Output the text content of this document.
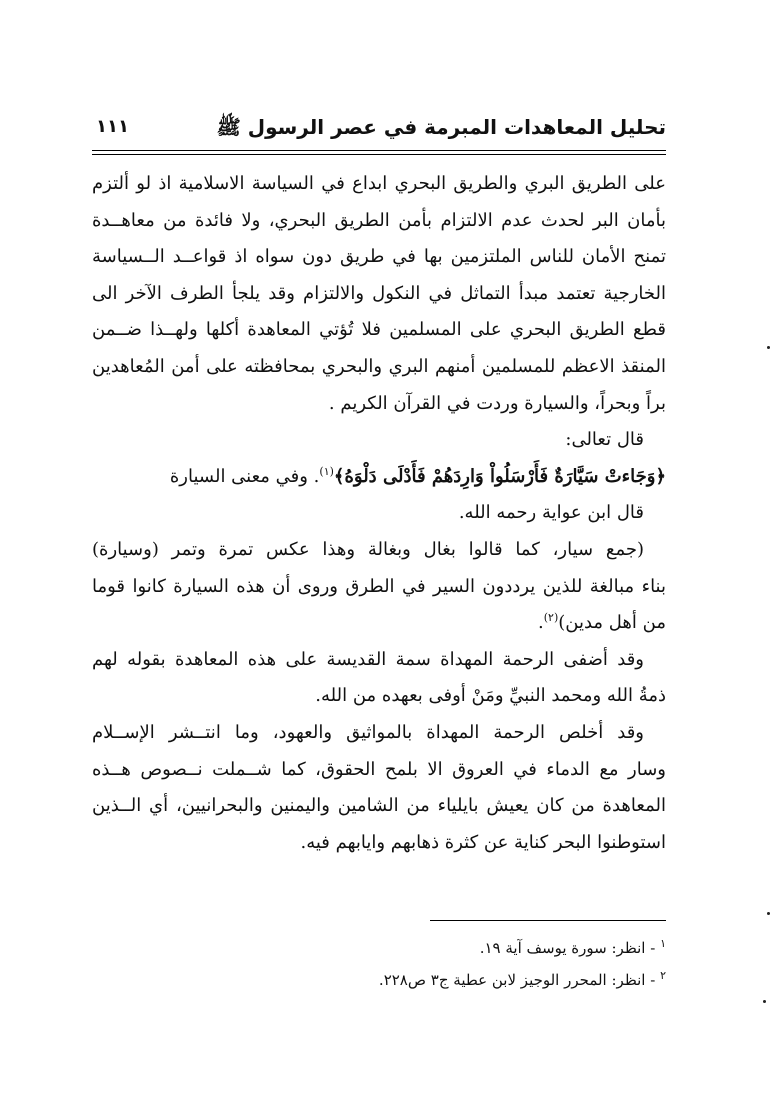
تحليل المعاهدات المبرمة في عصر الرسول ﷺ
١١١
على الطريق البري والطريق البحري ابداع في السياسة الاسلامية اذ لو ألتزم
بأمان البر لحدث عدم الالتزام بأمن الطريق البحري، ولا فائدة من معاهــدة
تمنح الأمان للناس الملتزمين بها في طريق دون سواه اذ قواعــد الــسياسة
الخارجية تعتمد مبدأ التماثل في النكول والالتزام وقد يلجأ الطرف الآخر الى
قطع الطريق البحري على المسلمين فلا تُؤتي المعاهدة أكلها ولهــذا ضــمن
المنقذ الاعظم للمسلمين أمنهم البري والبحري بمحافظته على أمن المُعاهدين
براً وبحراً، والسيارة وردت في القرآن الكريم .
قال تعالى:
﴿وَجَاءتْ سَيَّارَةٌ فَأَرْسَلُواْ وَارِدَهُمْ فَأَدْلَى دَلْوَهُ﴾$^{(١)}$. وفي معنى السيارة
قال ابن عواية رحمه الله.
(جمع سيار، كما قالوا بغال وبغالة وهذا عكس تمرة وتمر (وسيارة)
بناء مبالغة للذين يرددون السير في الطرق وروى أن هذه السيارة كانوا قوما
من أهل مدين)$^{(٢)}$.
وقد أضفى الرحمة المهداة سمة القديسة على هذه المعاهدة بقوله لهم
ذمةُ الله ومحمد النبيِّ ومَنْ أوفى بعهده من الله.
وقد أخلص الرحمة المهداة بالمواثيق والعهود، وما انتــشر الإســلام
وسار مع الدماء في العروق الا بلمح الحقوق، كما شــملت نــصوص هــذه
المعاهدة من كان يعيش بايلياء من الشامين واليمنين والبحرانيين، أي الــذين
استوطنوا البحر كناية عن كثرة ذهابهم وايابهم فيه.
$^١$ - انظر: سورة يوسف آية ١٩.
$^٢$ - انظر: المحرر الوجيز لابن عطية ج٣ ص٢٢٨.
